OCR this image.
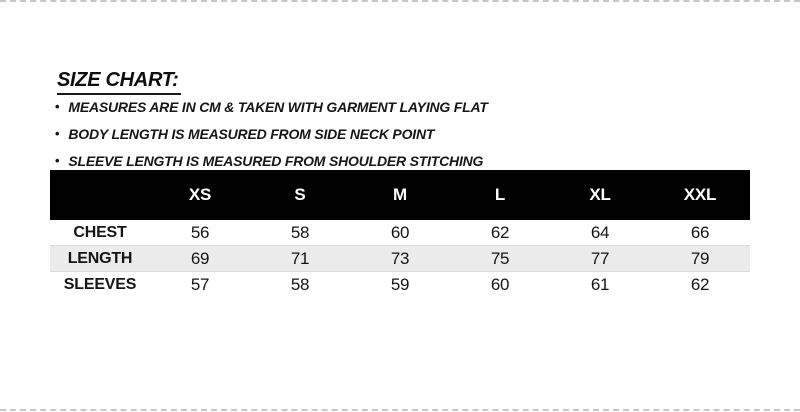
SIZE CHART:
• MEASURES ARE IN CM & TAKEN WITH GARMENT LAYING FLAT
• BODY LENGTH IS MEASURED FROM SIDE NECK POINT
• SLEEVE LENGTH IS MEASURED FROM SHOULDER STITCHING
	XS	S	M	L	XL	XXL
CHEST	56	58	60	62	64	66
LENGTH	69	71	73	75	77	79
SLEEVES	57	58	59	60	61	62
